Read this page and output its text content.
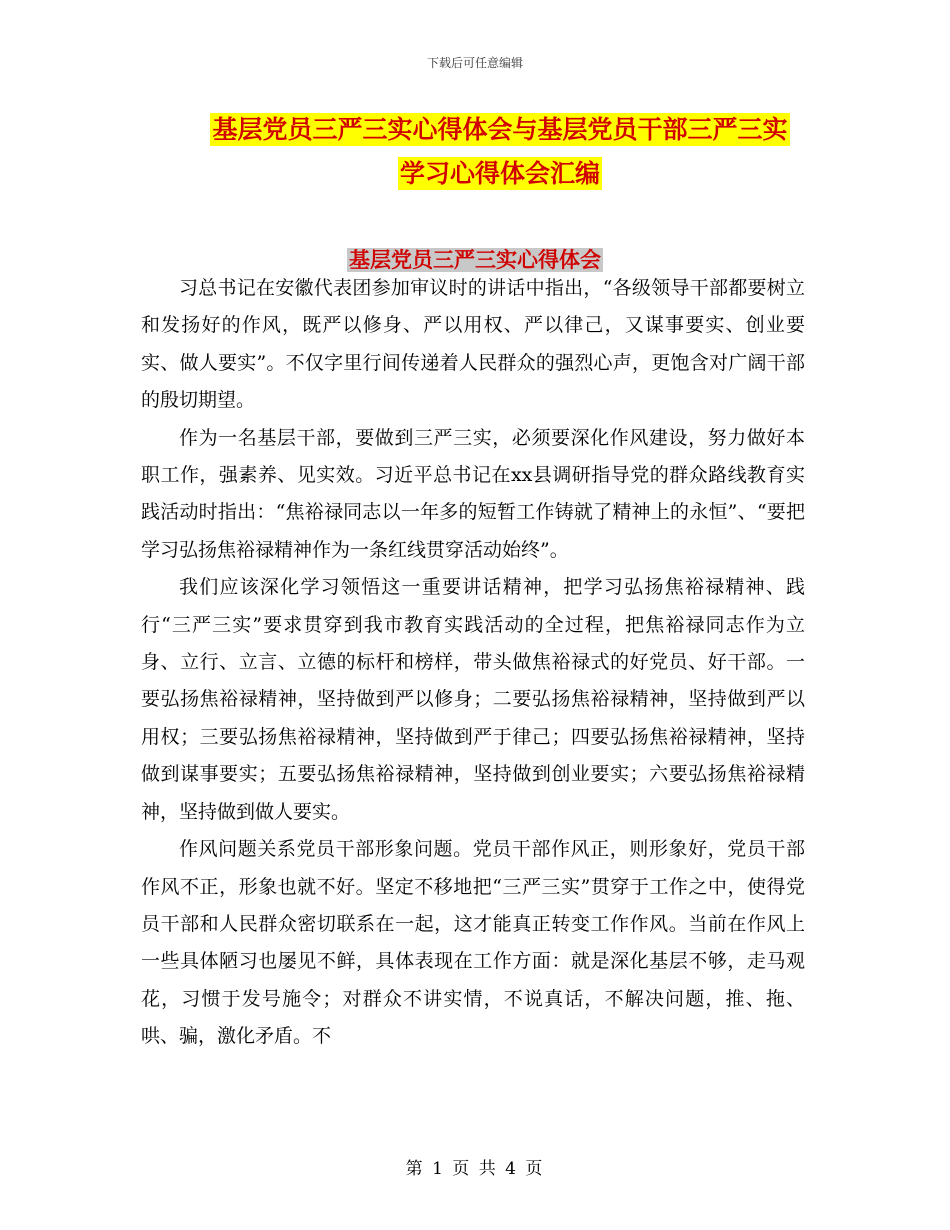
下载后可任意编辑
基层党员三严三实心得体会与基层党员干部三严三实
学习心得体会汇编
基层党员三严三实心得体会

习总书记在安徽代表团参加审议时的讲话中指出，“各级领导干部都要树立和发扬好的作风，既严以修身、严以用权、严以律己，又谋事要实、创业要实、做人要实”。不仅字里行间传递着人民群众的强烈心声，更饱含对广阔干部的殷切期望。

作为一名基层干部，要做到三严三实，必须要深化作风建设，努力做好本职工作，强素养、见实效。习近平总书记在xx县调研指导党的群众路线教育实践活动时指出：“焦裕禄同志以一年多的短暂工作铸就了精神上的永恒”、“要把学习弘扬焦裕禄精神作为一条红线贯穿活动始终”。

我们应该深化学习领悟这一重要讲话精神，把学习弘扬焦裕禄精神、践行“三严三实”要求贯穿到我市教育实践活动的全过程，把焦裕禄同志作为立身、立行、立言、立德的标杆和榜样，带头做焦裕禄式的好党员、好干部。一要弘扬焦裕禄精神，坚持做到严以修身；二要弘扬焦裕禄精神，坚持做到严以用权；三要弘扬焦裕禄精神，坚持做到严于律己；四要弘扬焦裕禄精神，坚持做到谋事要实；五要弘扬焦裕禄精神，坚持做到创业要实；六要弘扬焦裕禄精神，坚持做到做人要实。

作风问题关系党员干部形象问题。党员干部作风正，则形象好，党员干部作风不正，形象也就不好。坚定不移地把“三严三实”贯穿于工作之中，使得党员干部和人民群众密切联系在一起，这才能真正转变工作作风。当前在作风上一些具体陋习也屡见不鲜，具体表现在工作方面：就是深化基层不够，走马观花，习惯于发号施令；对群众不讲实情，不说真话，不解决问题，推、拖、哄、骗，激化矛盾。不

第 1 页 共 4 页
